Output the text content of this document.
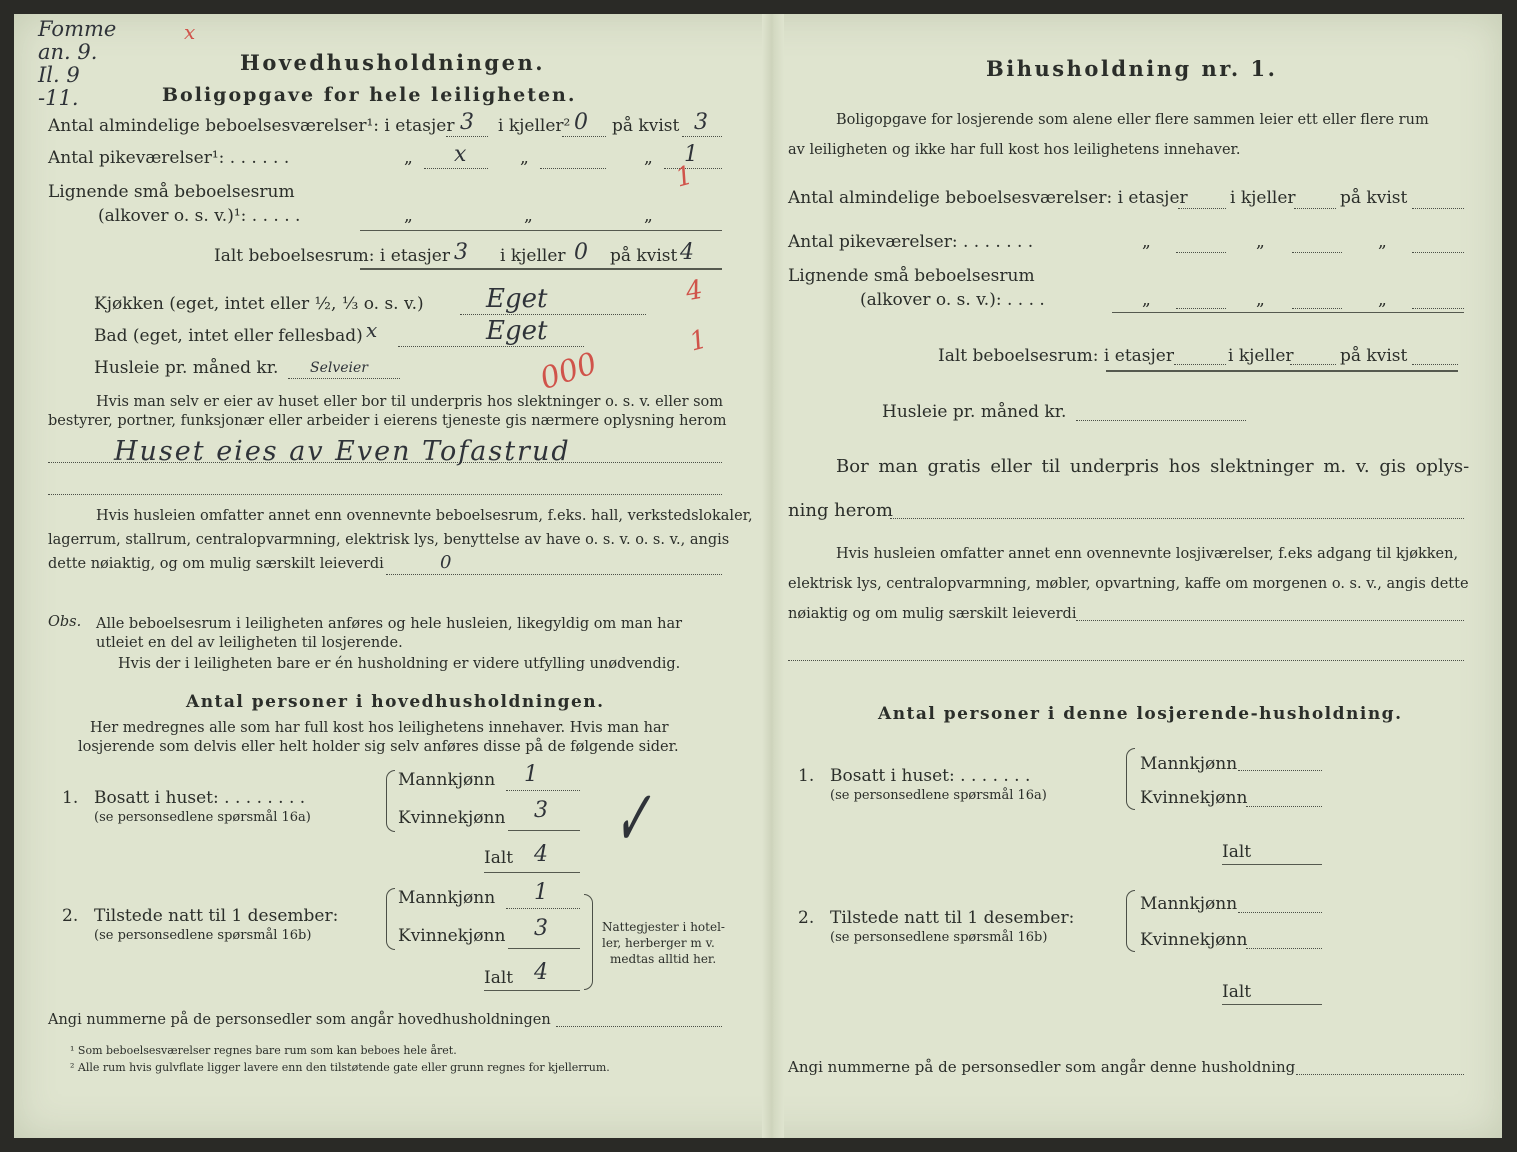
Fomme
an. 9.
Il. 9
-11.
x
Hovedhusholdningen.
Boligopgave for hele leiligheten.
Antal almindelige beboelsesværelser¹: i etasjer 3 i kjeller² 0 på kvist 3
Antal pikeværelser¹: . . . . . .	„ x	„	„ 1
Lignende små beboelsesrum
(alkover o. s. v.)¹: . . . . .	„	„	„
Ialt beboelsesrum: i etasjer 3 i kjeller 0 på kvist 4
1
4
1
000
Kjøkken (eget, intet eller ½, ⅓ o. s. v.) Eget
Bad (eget, intet eller fellesbad) x	Eget
Husleie pr. måned kr. Selveier
Hvis man selv er eier av huset eller bor til underpris hos slektninger o. s. v. eller som
bestyrer, portner, funksjonær eller arbeider i eierens tjeneste gis nærmere oplysning herom
Huset eies av Even Tofastrud
Hvis husleien omfatter annet enn ovennevnte beboelsesrum, f.eks. hall, verkstedslokaler,
lagerrum, stallrum, centralopvarmning, elektrisk lys, benyttelse av have o. s. v. o. s. v., angis
dette nøiaktig, og om mulig særskilt leieverdi	0
Obs. Alle beboelsesrum i leiligheten anføres og hele husleien, likegyldig om man har
utleiet en del av leiligheten til losjerende.
Hvis der i leiligheten bare er én husholdning er videre utfylling unødvendig.
Antal personer i hovedhusholdningen.
Her medregnes alle som har full kost hos leilighetens innehaver. Hvis man har
losjerende som delvis eller helt holder sig selv anføres disse på de følgende sider.
1. Bosatt i huset: . . . . . . . .
(se personsedlene spørsmål 16a)
Mannkjønn 1
Kvinnekjønn 3
Ialt 4 ✓
2. Tilstede natt til 1 desember:
(se personsedlene spørsmål 16b)
Mannkjønn 1
Kvinnekjønn 3
Ialt 4
Nattegjester i hotel-
ler, herberger m v.
medtas alltid her.
Angi nummerne på de personsedler som angår hovedhusholdningen
¹ Som beboelsesværelser regnes bare rum som kan beboes hele året.
² Alle rum hvis gulvflate ligger lavere enn den tilstøtende gate eller grunn regnes for kjellerrum.
Bihusholdning nr. 1.
Boligopgave for losjerende som alene eller flere sammen leier ett eller flere rum
av leiligheten og ikke har full kost hos leilighetens innehaver.
Antal almindelige beboelsesværelser: i etasjer i kjeller	på kvist
Antal pikeværelser: . . . . . . .	„	„	„
Lignende små beboelsesrum
(alkover o. s. v.): . . . .	„	„	„
Ialt beboelsesrum: i etasjer	i kjeller	på kvist
Husleie pr. måned kr.
Bor man gratis eller til underpris hos slektninger m. v. gis oplys-
ning herom
Hvis husleien omfatter annet enn ovennevnte losjiværelser, f.eks adgang til kjøkken,
elektrisk lys, centralopvarmning, møbler, opvartning, kaffe om morgenen o. s. v., angis dette
nøiaktig og om mulig særskilt leieverdi
Antal personer i denne losjerende-husholdning.
1. Bosatt i huset: . . . . . . .
(se personsedlene spørsmål 16a)
Mannkjønn
Kvinnekjønn
Ialt
2. Tilstede natt til 1 desember:
(se personsedlene spørsmål 16b)
Mannkjønn
Kvinnekjønn
Ialt
Angi nummerne på de personsedler som angår denne husholdning
